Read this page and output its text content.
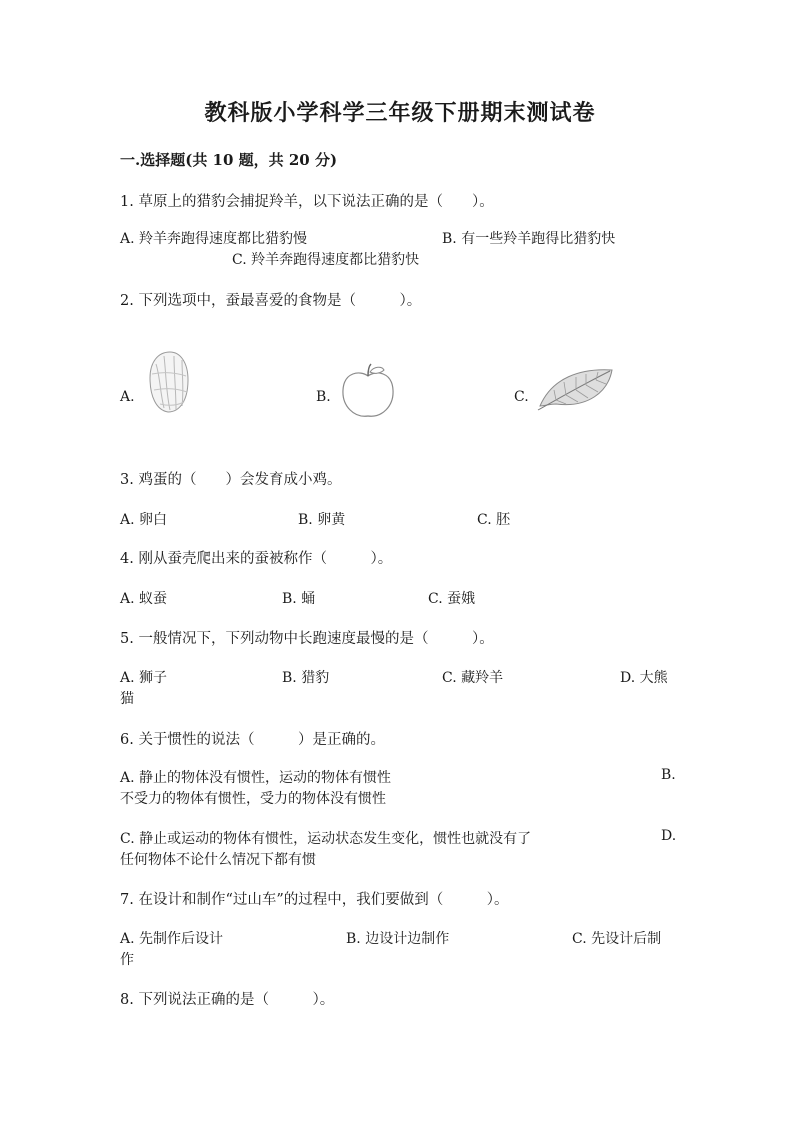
教科版小学科学三年级下册期末测试卷
一.选择题(共 10 题，共 20 分)
1. 草原上的猎豹会捕捉羚羊，以下说法正确的是（　　）。
A. 羚羊奔跑得速度都比猎豹慢	B. 有一些羚羊跑得比猎豹快
C. 羚羊奔跑得速度都比猎豹快
2. 下列选项中，蚕最喜爱的食物是（　　　）。
A.	B.	C.
3. 鸡蛋的（　　）会发育成小鸡。
A. 卵白	B. 卵黄	C. 胚
4. 刚从蚕壳爬出来的蚕被称作（　　　）。
A. 蚁蚕	B. 蛹	C. 蚕娥
5. 一般情况下，下列动物中长跑速度最慢的是（　　　）。
A. 狮子	B. 猎豹	C. 藏羚羊	D. 大熊
猫
6. 关于惯性的说法（　　　）是正确的。
A. 静止的物体没有惯性，运动的物体有惯性	B.
不受力的物体有惯性，受力的物体没有惯性
C. 静止或运动的物体有惯性，运动状态发生变化，惯性也就没有了	D.
任何物体不论什么情况下都有惯
7. 在设计和制作“过山车”的过程中，我们要做到（　　　）。
A. 先制作后设计	B. 边设计边制作	C. 先设计后制
作
8. 下列说法正确的是（　　　）。
